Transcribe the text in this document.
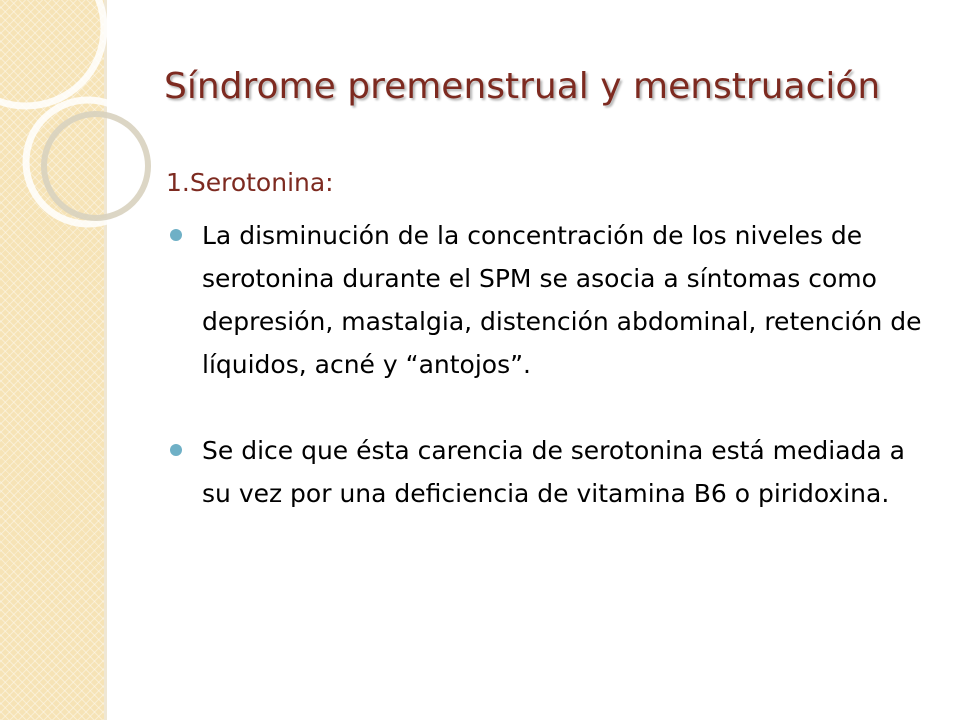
Síndrome premenstrual y menstruación
1.Serotonina:
La disminución de la concentración de los niveles de serotonina durante el SPM se asocia a síntomas como depresión, mastalgia, distención abdominal, retención de líquidos, acné y “antojos”.
Se dice que ésta carencia de serotonina está mediada a su vez por una deficiencia de vitamina B6 o piridoxina.
